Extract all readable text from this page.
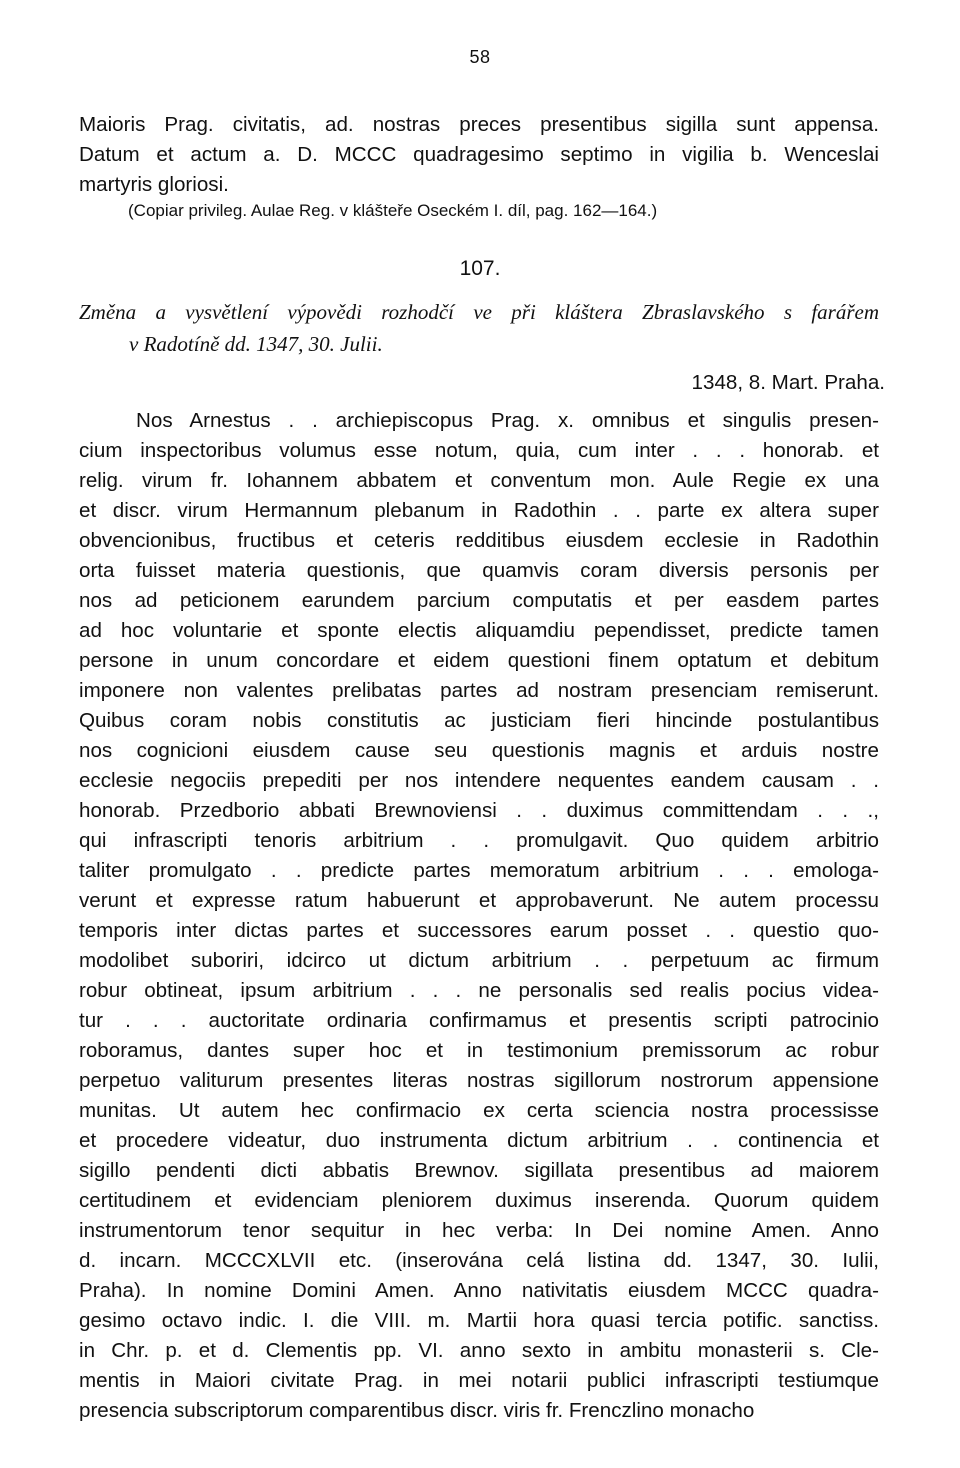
58
Maioris Prag. civitatis, ad. nostras preces presentibus sigilla sunt appensa.
Datum et actum a. D. MCCC quadragesimo septimo in vigilia b. Wenceslai
martyris gloriosi.
(Copiar privileg. Aulae Reg. v klášteře Oseckém I. díl, pag. 162—164.)
107.
Změna a vysvětlení výpovědi rozhodčí ve při kláštera Zbraslavského s farářem
v Radotíně dd. 1347, 30. Julii.
1348, 8. Mart. Praha.
Nos Arnestus . . archiepiscopus Prag. x. omnibus et singulis presen-
cium inspectoribus volumus esse notum, quia, cum inter . . . honorab. et
relig. virum fr. Iohannem abbatem et conventum mon. Aule Regie ex una
et discr. virum Hermannum plebanum in Radothin . . parte ex altera super
obvencionibus, fructibus et ceteris redditibus eiusdem ecclesie in Radothin
orta fuisset materia questionis, que quamvis coram diversis personis per
nos ad peticionem earundem parcium computatis et per easdem partes
ad hoc voluntarie et sponte electis aliquamdiu pependisset, predicte tamen
persone in unum concordare et eidem questioni finem optatum et debitum
imponere non valentes prelibatas partes ad nostram presenciam remiserunt.
Quibus coram nobis constitutis ac justiciam fieri hincinde postulantibus
nos cognicioni eiusdem cause seu questionis magnis et arduis nostre
ecclesie negociis prepediti per nos intendere nequentes eandem causam . .
honorab. Przedborio abbati Brewnoviensi . . duximus committendam . . .,
qui infrascripti tenoris arbitrium . . promulgavit. Quo quidem arbitrio
taliter promulgato . . predicte partes memoratum arbitrium . . . emologa-
verunt et expresse ratum habuerunt et approbaverunt. Ne autem processu
temporis inter dictas partes et successores earum posset . . questio quo-
modolibet suboriri, idcirco ut dictum arbitrium . . perpetuum ac firmum
robur obtineat, ipsum arbitrium . . . ne personalis sed realis pocius videa-
tur . . . auctoritate ordinaria confirmamus et presentis scripti patrocinio
roboramus, dantes super hoc et in testimonium premissorum ac robur
perpetuo valiturum presentes literas nostras sigillorum nostrorum appensione
munitas. Ut autem hec confirmacio ex certa sciencia nostra processisse
et procedere videatur, duo instrumenta dictum arbitrium . . continencia et
sigillo pendenti dicti abbatis Brewnov. sigillata presentibus ad maiorem
certitudinem et evidenciam pleniorem duximus inserenda. Quorum quidem
instrumentorum tenor sequitur in hec verba: In Dei nomine Amen. Anno
d. incarn. MCCCXLVII etc. (inserována celá listina dd. 1347, 30. Iulii,
Praha). In nomine Domini Amen. Anno nativitatis eiusdem MCCC quadra-
gesimo octavo indic. I. die VIII. m. Martii hora quasi tercia potific. sanctiss.
in Chr. p. et d. Clementis pp. VI. anno sexto in ambitu monasterii s. Cle-
mentis in Maiori civitate Prag. in mei notarii publici infrascripti testiumque
presencia subscriptorum comparentibus discr. viris fr. Frenczlino monacho
